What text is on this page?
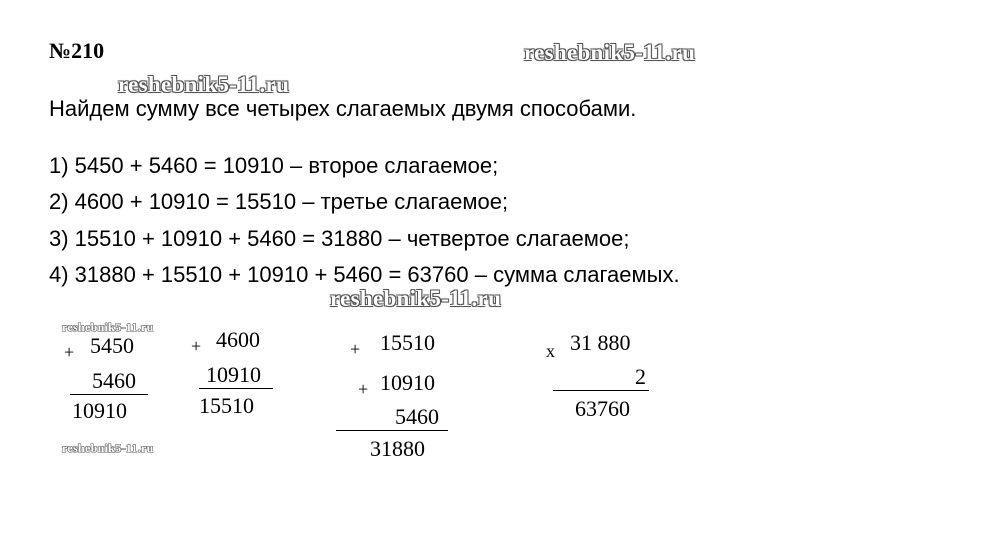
№210	reshebnik5-11.ru
reshebnik5-11.ru
Найдем сумму все четырех слагаемых двумя способами.
1) 5450 + 5460 = 10910 – второе слагаемое;
2) 4600 + 10910 = 15510 – третье слагаемое;
3) 15510 + 10910 + 5460 = 31880 – четвертое слагаемое;
4) 31880 + 15510 + 10910 + 5460 = 63760 – сумма слагаемых.
reshebnik5-11.ru
reshebnik5-11.ru
reshebnik5-11.ru
+ 5450
5460
10910
+ 4600
10910
15510
+ 15510
+ 10910
5460
31880
x 31 880
2
63760
